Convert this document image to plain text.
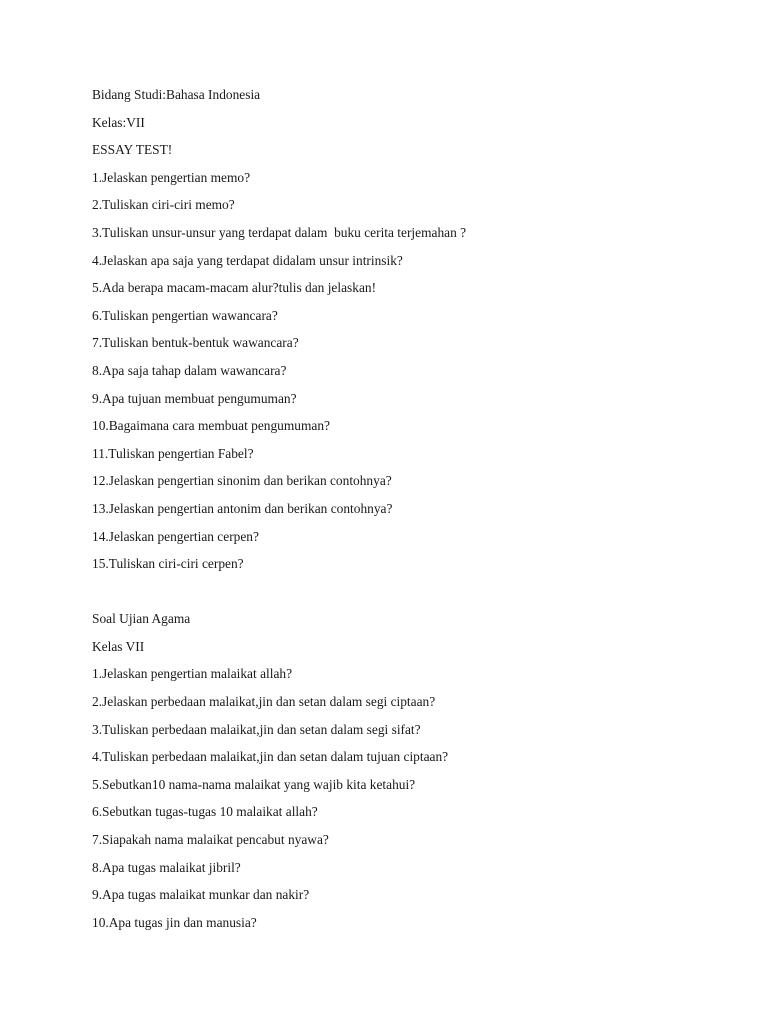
Bidang Studi:Bahasa Indonesia
Kelas:VII
ESSAY TEST!
1.Jelaskan pengertian memo?
2.Tuliskan ciri-ciri memo?
3.Tuliskan unsur-unsur yang terdapat dalam  buku cerita terjemahan ?
4.Jelaskan apa saja yang terdapat didalam unsur intrinsik?
5.Ada berapa macam-macam alur?tulis dan jelaskan!
6.Tuliskan pengertian wawancara?
7.Tuliskan bentuk-bentuk wawancara?
8.Apa saja tahap dalam wawancara?
9.Apa tujuan membuat pengumuman?
10.Bagaimana cara membuat pengumuman?
11.Tuliskan pengertian Fabel?
12.Jelaskan pengertian sinonim dan berikan contohnya?
13.Jelaskan pengertian antonim dan berikan contohnya?
14.Jelaskan pengertian cerpen?
15.Tuliskan ciri-ciri cerpen?
Soal Ujian Agama
Kelas VII
1.Jelaskan pengertian malaikat allah?
2.Jelaskan perbedaan malaikat,jin dan setan dalam segi ciptaan?
3.Tuliskan perbedaan malaikat,jin dan setan dalam segi sifat?
4.Tuliskan perbedaan malaikat,jin dan setan dalam tujuan ciptaan?
5.Sebutkan10 nama-nama malaikat yang wajib kita ketahui?
6.Sebutkan tugas-tugas 10 malaikat allah?
7.Siapakah nama malaikat pencabut nyawa?
8.Apa tugas malaikat jibril?
9.Apa tugas malaikat munkar dan nakir?
10.Apa tugas jin dan manusia?
